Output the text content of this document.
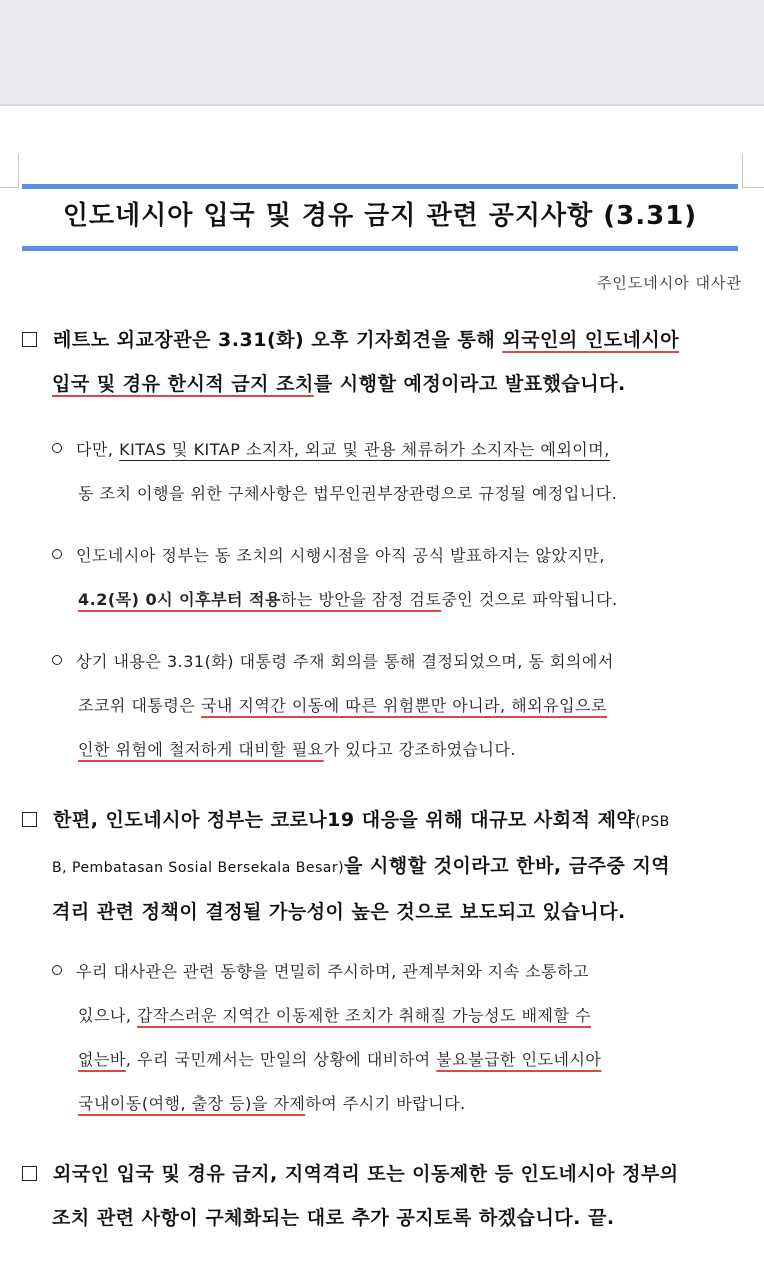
인도네시아 입국 및 경유 금지 관련 공지사항 (3.31)
주인도네시아 대사관
레트노 외교장관은 3.31(화) 오후 기자회견을 통해 외국인의 인도네시아
입국 및 경유 한시적 금지 조치를 시행할 예정이라고 발표했습니다.
다만, KITAS 및 KITAP 소지자, 외교 및 관용 체류허가 소지자는 예외이며,
동 조치 이행을 위한 구체사항은 법무인권부장관령으로 규정될 예정입니다.
인도네시아 정부는 동 조치의 시행시점을 아직 공식 발표하지는 않았지만,
4.2(목) 0시 이후부터 적용하는 방안을 잠정 검토중인 것으로 파악됩니다.
상기 내용은 3.31(화) 대통령 주재 회의를 통해 결정되었으며, 동 회의에서
조코위 대통령은 국내 지역간 이동에 따른 위험뿐만 아니라, 해외유입으로
인한 위험에 철저하게 대비할 필요가 있다고 강조하였습니다.
한편, 인도네시아 정부는 코로나19 대응을 위해 대규모 사회적 제약(PSB
B, Pembatasan Sosial Bersekala Besar)을 시행할 것이라고 한바, 금주중 지역
격리 관련 정책이 결정될 가능성이 높은 것으로 보도되고 있습니다.
우리 대사관은 관련 동향을 면밀히 주시하며, 관계부처와 지속 소통하고
있으나, 갑작스러운 지역간 이동제한 조치가 취해질 가능성도 배제할 수
없는바, 우리 국민께서는 만일의 상황에 대비하여 불요불급한 인도네시아
국내이동(여행, 출장 등)을 자제하여 주시기 바랍니다.
외국인 입국 및 경유 금지, 지역격리 또는 이동제한 등 인도네시아 정부의
조치 관련 사항이 구체화되는 대로 추가 공지토록 하겠습니다. 끝.
